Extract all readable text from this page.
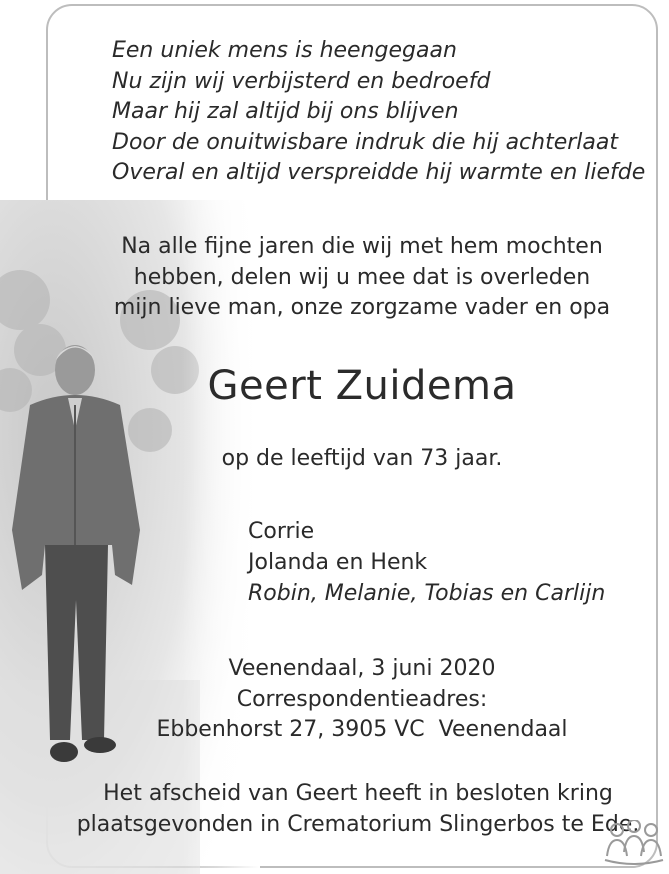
Een uniek mens is heengegaan
Nu zijn wij verbijsterd en bedroefd
Maar hij zal altijd bij ons blijven
Door de onuitwisbare indruk die hij achterlaat
Overal en altijd verspreidde hij warmte en liefde
Na alle fijne jaren die wij met hem mochten
hebben, delen wij u mee dat is overleden
mijn lieve man, onze zorgzame vader en opa
Geert Zuidema
op de leeftijd van 73 jaar.
Corrie
Jolanda en Henk
Robin, Melanie, Tobias en Carlijn
Veenendaal, 3 juni 2020
Correspondentieadres:
Ebbenhorst 27, 3905 VC  Veenendaal
Het afscheid van Geert heeft in besloten kring
plaatsgevonden in Crematorium Slingerbos te Ede.
